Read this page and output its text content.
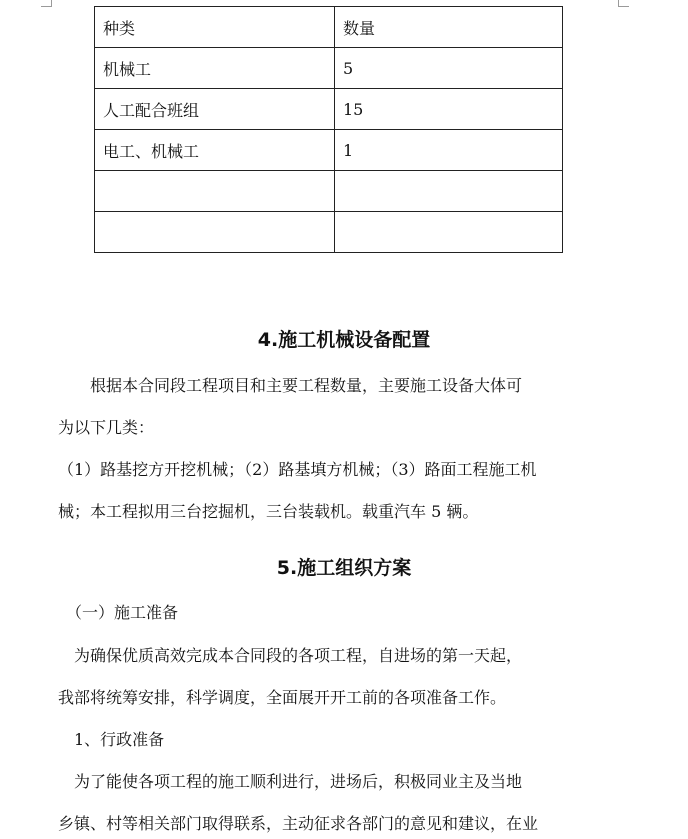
种类	数量
机械工	5
人工配合班组	15
电工、机械工	1

4.施工机械设备配置
　　根据本合同段工程项目和主要工程数量，主要施工设备大体可
为以下几类：
（1）路基挖方开挖机械；（2）路基填方机械；（3）路面工程施工机
械；本工程拟用三台挖掘机，三台装载机。载重汽车 5 辆。
5.施工组织方案
　（一）施工准备
　为确保优质高效完成本合同段的各项工程，自进场的第一天起，
我部将统筹安排，科学调度，全面展开开工前的各项准备工作。
　1、行政准备
　为了能使各项工程的施工顺利进行，进场后，积极同业主及当地
乡镇、村等相关部门取得联系，主动征求各部门的意见和建议，在业
